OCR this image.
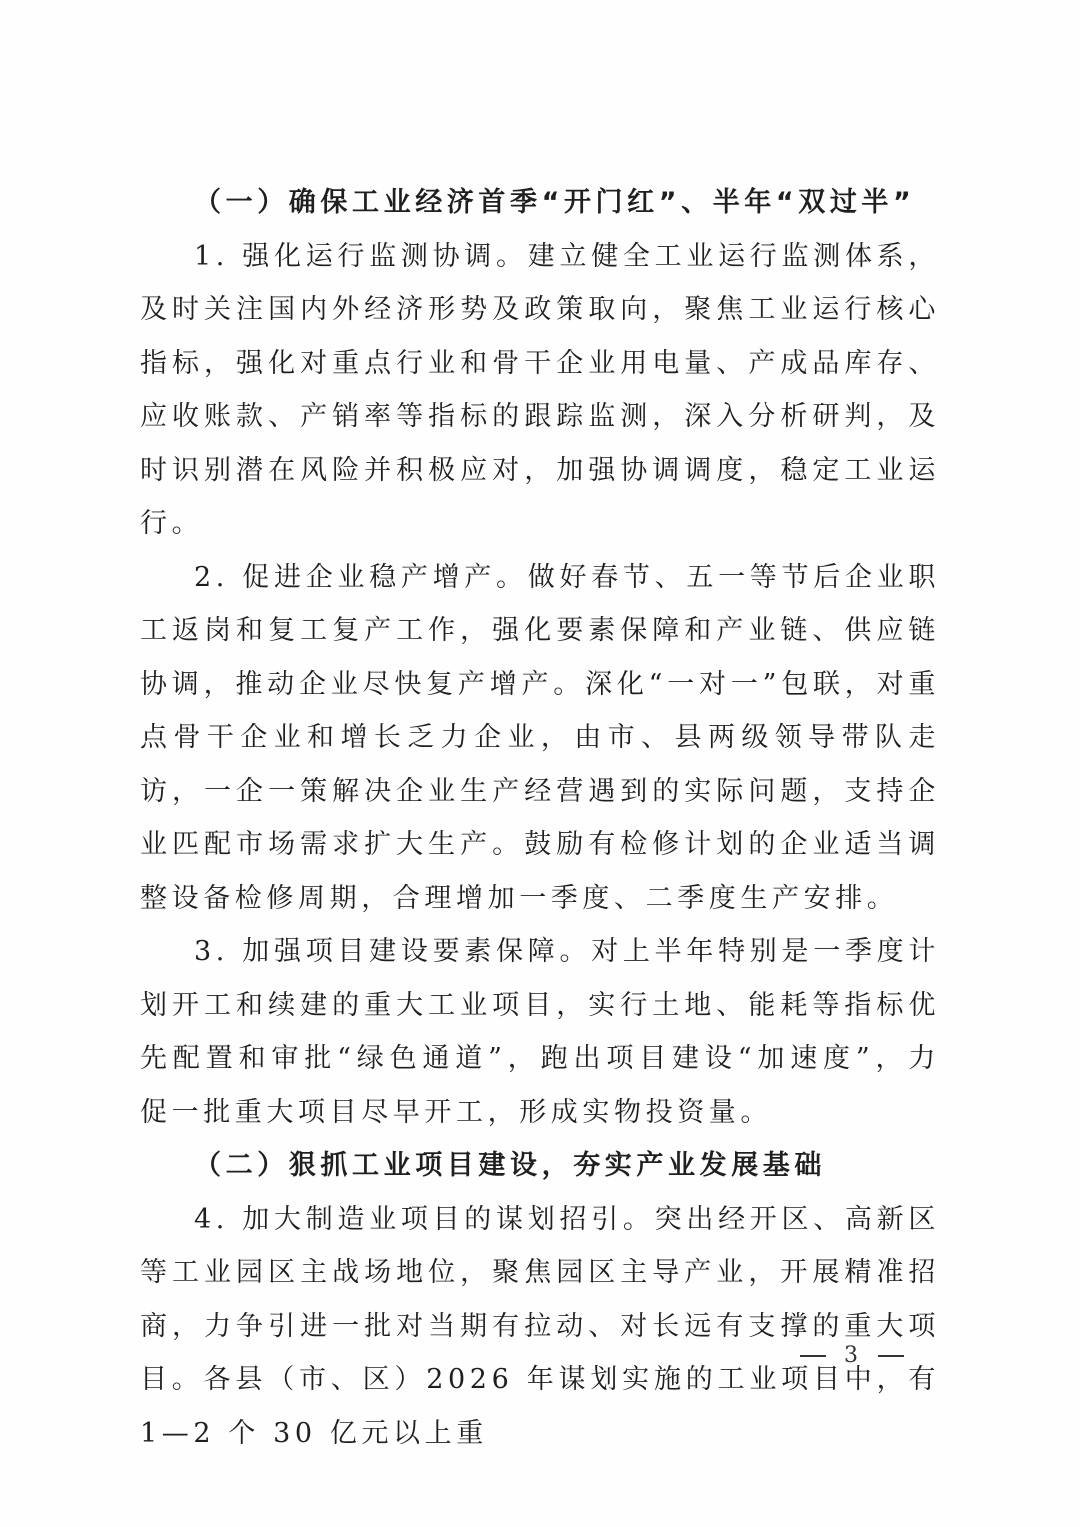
（一）确保工业经济首季“开门红”、半年“双过半”

1. 强化运行监测协调。建立健全工业运行监测体系，及时关注国内外经济形势及政策取向，聚焦工业运行核心指标，强化对重点行业和骨干企业用电量、产成品库存、应收账款、产销率等指标的跟踪监测，深入分析研判，及时识别潜在风险并积极应对，加强协调调度，稳定工业运行。

2. 促进企业稳产增产。做好春节、五一等节后企业职工返岗和复工复产工作，强化要素保障和产业链、供应链协调，推动企业尽快复产增产。深化“一对一”包联，对重点骨干企业和增长乏力企业，由市、县两级领导带队走访，一企一策解决企业生产经营遇到的实际问题，支持企业匹配市场需求扩大生产。鼓励有检修计划的企业适当调整设备检修周期，合理增加一季度、二季度生产安排。

3. 加强项目建设要素保障。对上半年特别是一季度计划开工和续建的重大工业项目，实行土地、能耗等指标优先配置和审批“绿色通道”，跑出项目建设“加速度”，力促一批重大项目尽早开工，形成实物投资量。

（二）狠抓工业项目建设，夯实产业发展基础

4. 加大制造业项目的谋划招引。突出经开区、高新区等工业园区主战场地位，聚焦园区主导产业，开展精准招商，力争引进一批对当期有拉动、对长远有支撑的重大项目。各县（市、区）2026 年谋划实施的工业项目中，有 1—2 个 30 亿元以上重

3
